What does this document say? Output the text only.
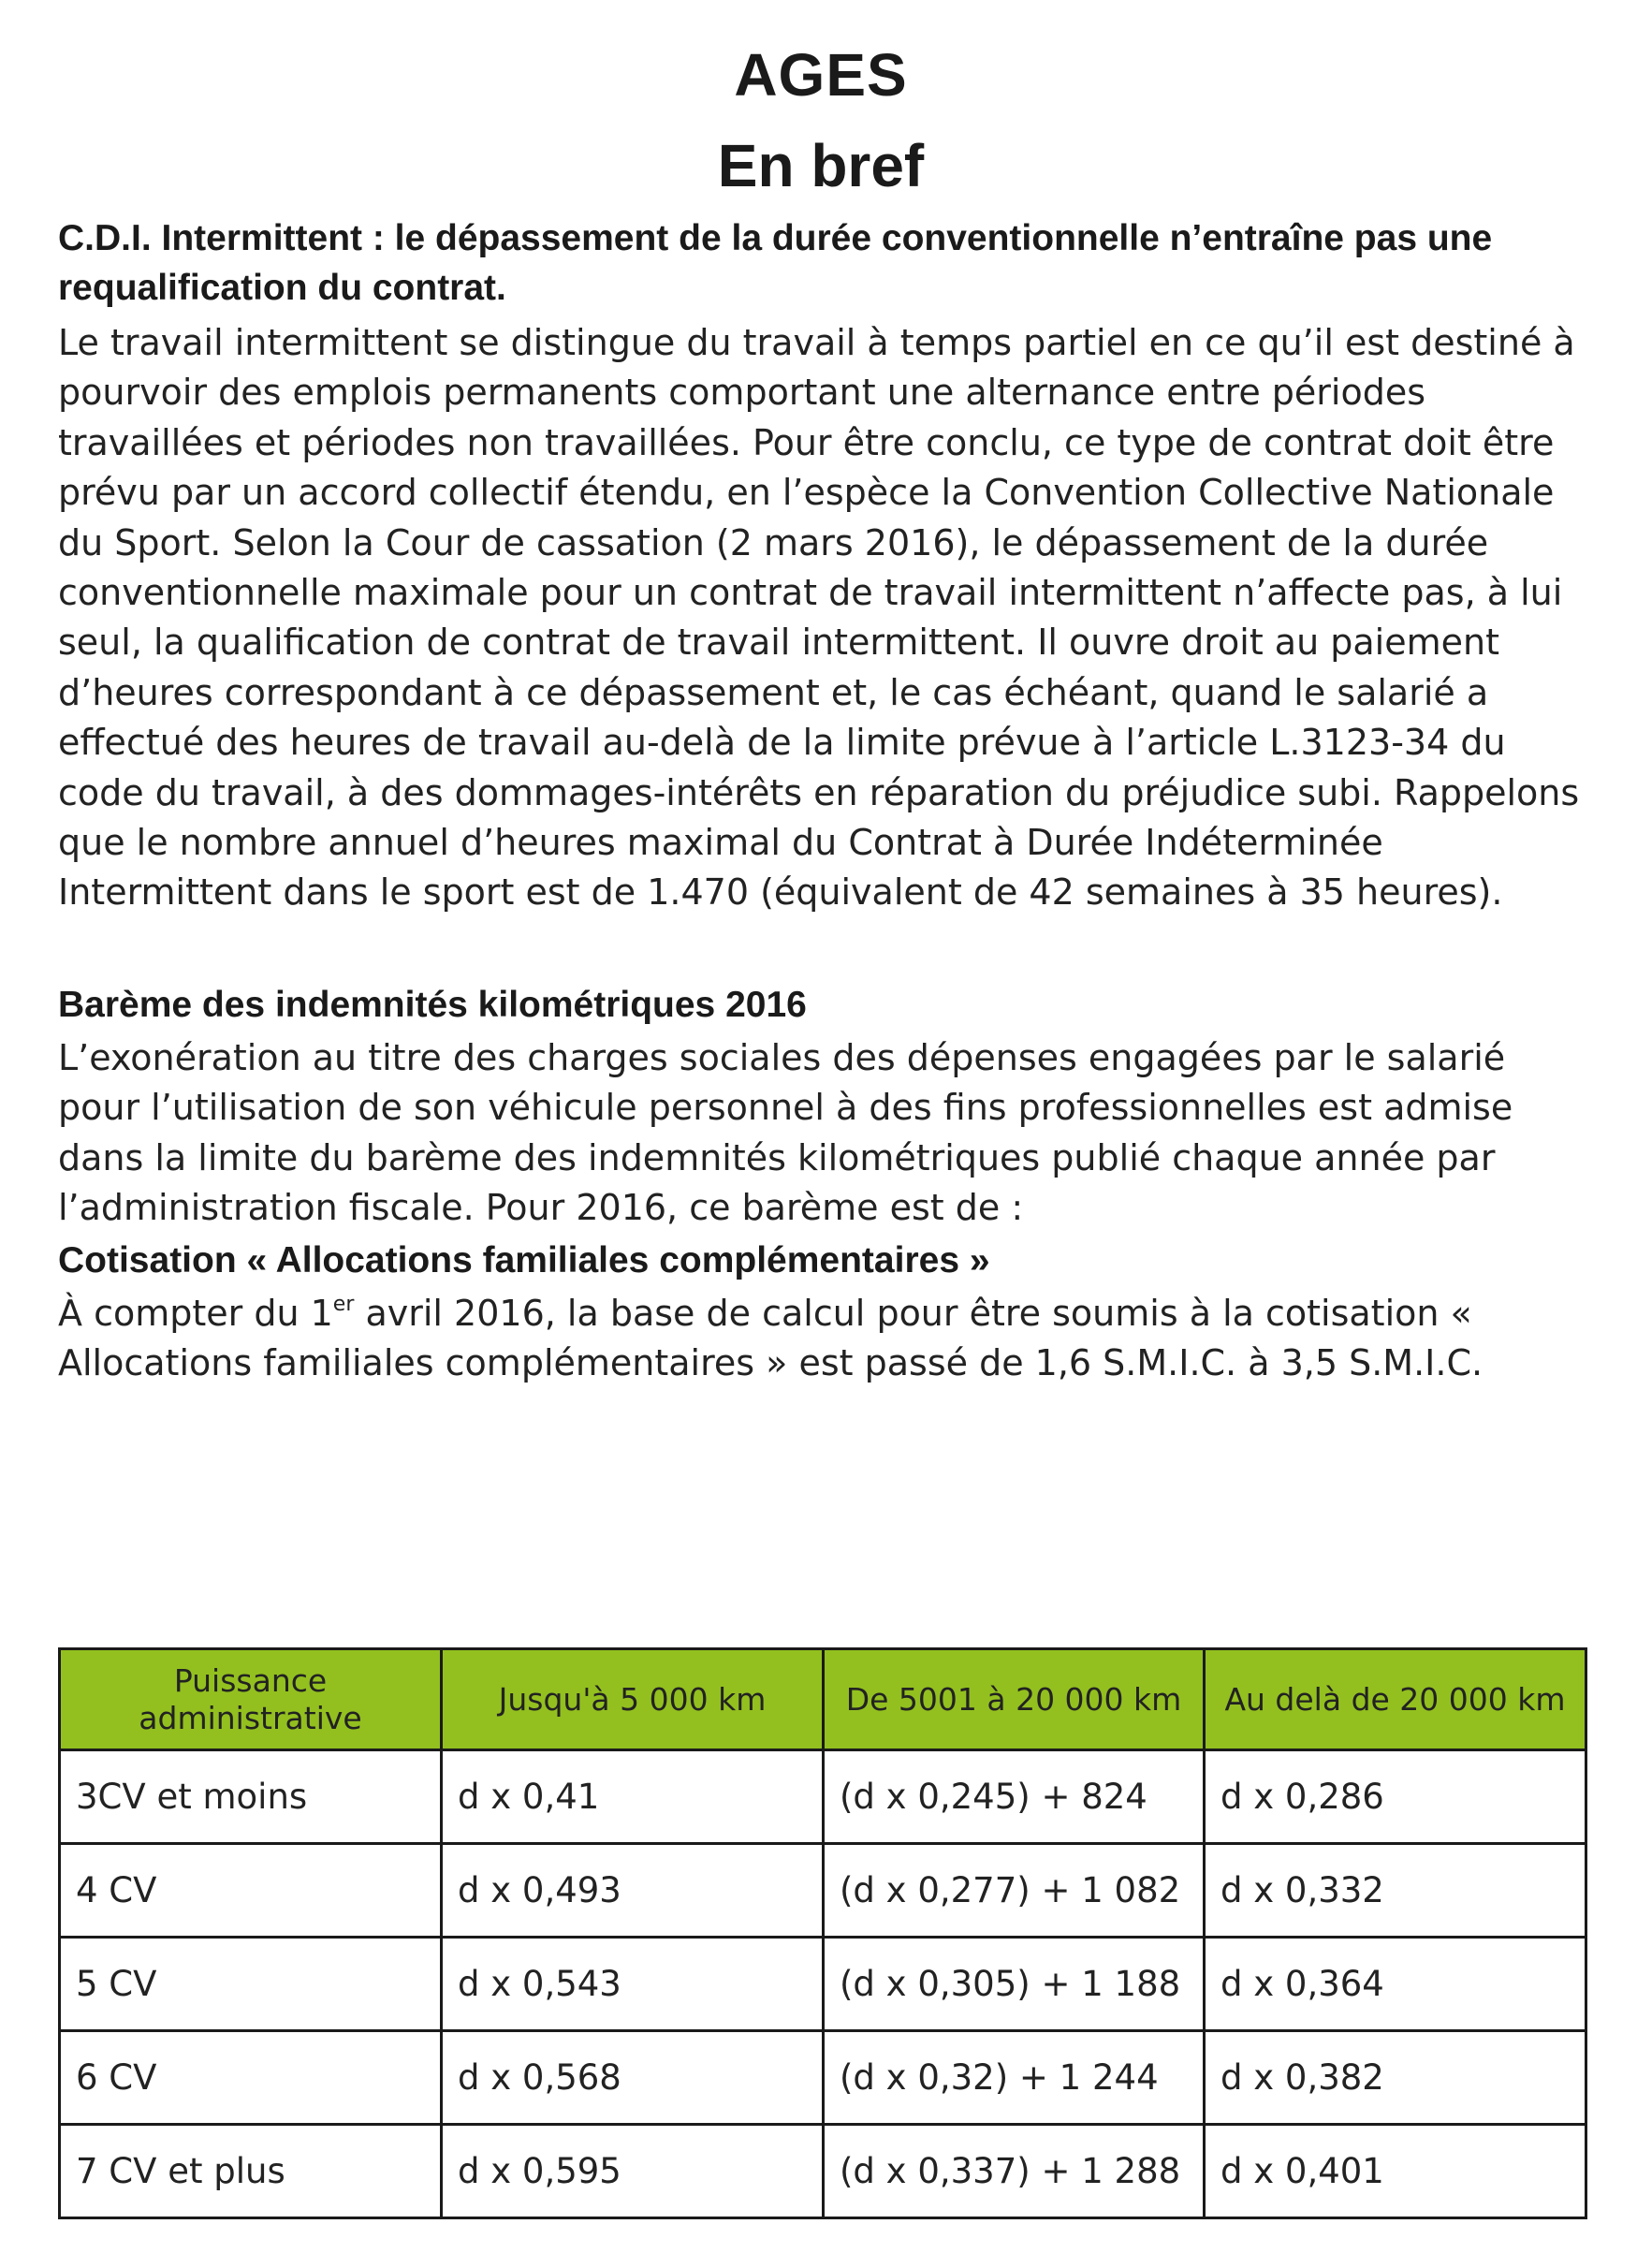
AGES
En bref
C.D.I. Intermittent : le dépassement de la durée conventionnelle n’entraîne pas une requalification du contrat.

Le travail intermittent se distingue du travail à temps partiel en ce qu’il est destiné à pourvoir des emplois permanents comportant une alternance entre périodes travaillées et périodes non travaillées. Pour être conclu, ce type de contrat doit être prévu par un accord collectif étendu, en l’espèce la Convention Collective Nationale du Sport. Selon la Cour de cassation (2 mars 2016), le dépassement de la durée conventionnelle maximale pour un contrat de travail intermittent n’affecte pas, à lui seul, la qualification de contrat de travail intermittent. Il ouvre droit au paiement d’heures correspondant à ce dépassement et, le cas échéant, quand le salarié a effectué des heures de travail au-delà de la limite prévue à l’article L.3123-34 du code du travail, à des dommages-intérêts en réparation du préjudice subi. Rappelons que le nombre annuel d’heures maximal du Contrat à Durée Indéterminée Intermittent dans le sport est de 1.470 (équivalent de 42 semaines à 35 heures).

Barème des indemnités kilométriques 2016

L’exonération au titre des charges sociales des dépenses engagées par le salarié pour l’utilisation de son véhicule personnel à des fins professionnelles est admise dans la limite du barème des indemnités kilométriques publié chaque année par l’administration fiscale. Pour 2016, ce barème est de :

Cotisation « Allocations familiales complémentaires »

À compter du 1er avril 2016, la base de calcul pour être soumis à la cotisation « Allocations familiales complémentaires » est passé de 1,6 S.M.I.C. à 3,5 S.M.I.C.

Puissance administrative	Jusqu'à 5 000 km	De 5001 à 20 000 km	Au delà de 20 000 km
3CV et moins	d x 0,41	(d x 0,245) + 824	d x 0,286
4 CV	d x 0,493	(d x 0,277) + 1 082	d x 0,332
5 CV	d x 0,543	(d x 0,305) + 1 188	d x 0,364
6 CV	d x 0,568	(d x 0,32) + 1 244	d x 0,382
7 CV et plus	d x 0,595	(d x 0,337) + 1 288	d x 0,401
